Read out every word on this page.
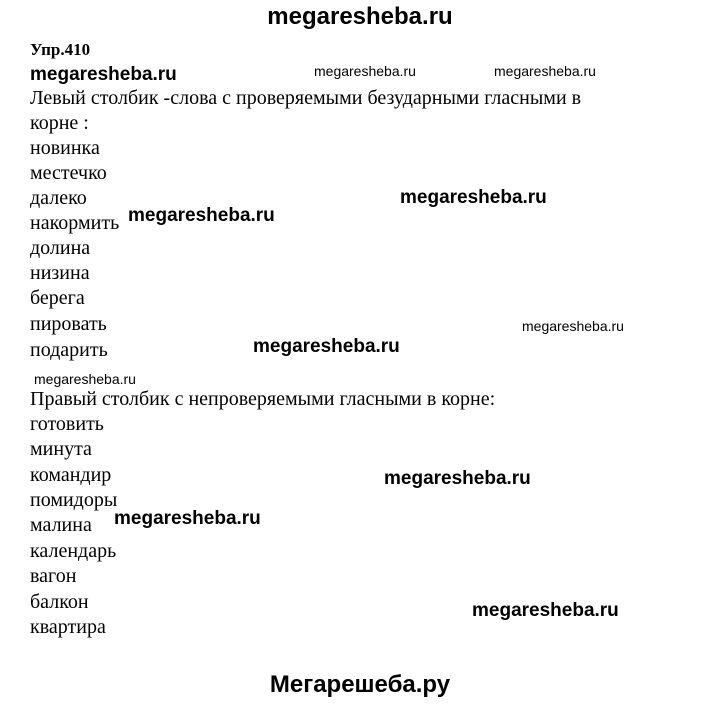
megaresheba.ru
Упр.410
megaresheba.ru	megaresheba.ru	megaresheba.ru
megaresheba.ru
megaresheba.ru
megaresheba.ru
megaresheba.ru
megaresheba.ru
megaresheba.ru
megaresheba.ru
megaresheba.ru
Левый столбик -слова с проверяемыми безударными гласными в
корне :
новинка
местечко
далеко
накормить
долина
низина
берега
пировать
подарить
Правый столбик с непроверяемыми гласными в корне:
готовить
минута
командир
помидоры
малина
календарь
вагон
балкон
квартира
Мегарешеба.ру
